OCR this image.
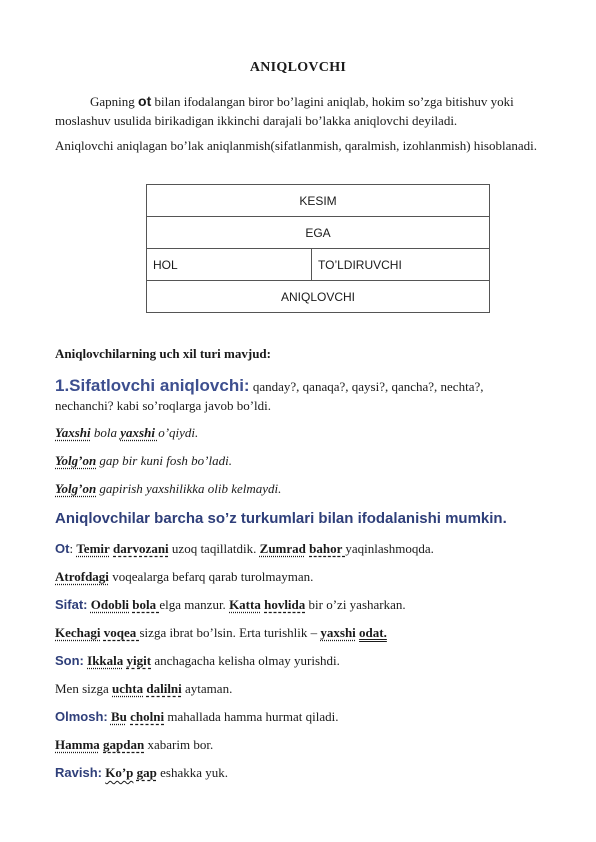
ANIQLOVCHI
Gapning ot bilan ifodalangan biror bo’lagini aniqlab, hokim so’zga bitishuv yoki moslashuv usulida birikadigan ikkinchi darajali bo’lakka aniqlovchi deyiladi.
Aniqlovchi aniqlagan bo’lak aniqlanmish(sifatlanmish, qaralmish, izohlanmish) hisoblanadi.
KESIM
EGA
HOL	TO’LDIRUVCHI
ANIQLOVCHI
Aniqlovchilarning uch xil turi mavjud:
1.Sifatlovchi aniqlovchi: qanday?, qanaqa?, qaysi?, qancha?, nechta?,
nechanchi? kabi so’roqlarga javob bo’ldi.
Yaxshi bola yaxshi o’qiydi.
Yolg’on gap bir kuni fosh bo’ladi.
Yolg’on gapirish yaxshilikka olib kelmaydi.
Aniqlovchilar barcha so’z turkumlari bilan ifodalanishi mumkin.
Ot: Temir darvozani uzoq taqillatdik. Zumrad bahor yaqinlashmoqda.
Atrofdagi voqealarga befarq qarab turolmayman.
Sifat: Odobli bola elga manzur. Katta hovlida bir o’zi yasharkan.
Kechagi voqea sizga ibrat bo’lsin. Erta turishlik – yaxshi odat.
Son: Ikkala yigit anchagacha kelisha olmay yurishdi.
Men sizga uchta dalilni aytaman.
Olmosh: Bu cholni mahallada hamma hurmat qiladi.
Hamma gapdan xabarim bor.
Ravish: Ko’p gap eshakka yuk.
